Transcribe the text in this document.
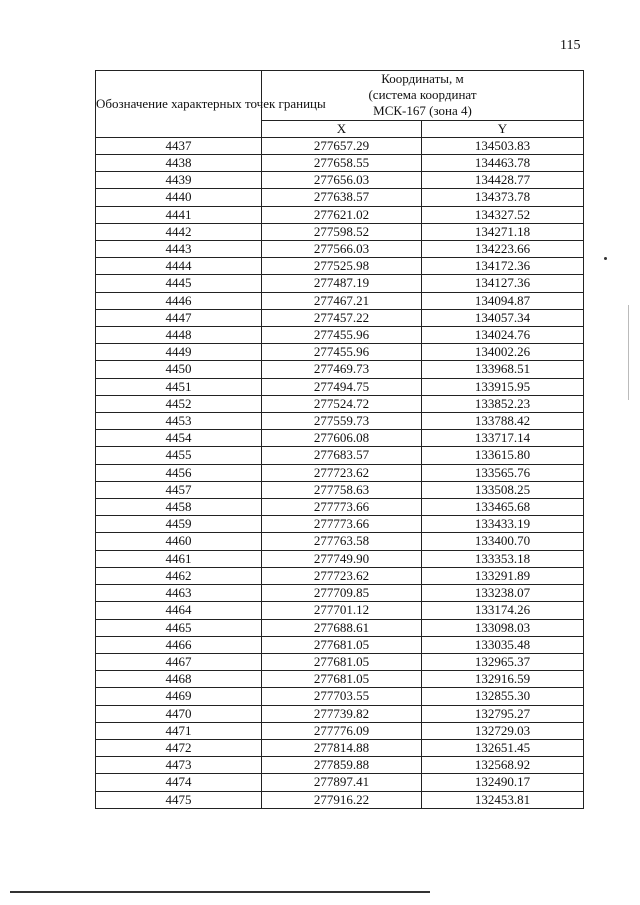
115
Обозначение характерных точек границы	Координаты, м
(система координат
МСК-167 (зона 4)	

	X	Y
4437	277657.29	134503.83
4438	277658.55	134463.78
4439	277656.03	134428.77
4440	277638.57	134373.78
4441	277621.02	134327.52
4442	277598.52	134271.18
4443	277566.03	134223.66
4444	277525.98	134172.36
4445	277487.19	134127.36
4446	277467.21	134094.87
4447	277457.22	134057.34
4448	277455.96	134024.76
4449	277455.96	134002.26
4450	277469.73	133968.51
4451	277494.75	133915.95
4452	277524.72	133852.23
4453	277559.73	133788.42
4454	277606.08	133717.14
4455	277683.57	133615.80
4456	277723.62	133565.76
4457	277758.63	133508.25
4458	277773.66	133465.68
4459	277773.66	133433.19
4460	277763.58	133400.70
4461	277749.90	133353.18
4462	277723.62	133291.89
4463	277709.85	133238.07
4464	277701.12	133174.26
4465	277688.61	133098.03
4466	277681.05	133035.48
4467	277681.05	132965.37
4468	277681.05	132916.59
4469	277703.55	132855.30
4470	277739.82	132795.27
4471	277776.09	132729.03
4472	277814.88	132651.45
4473	277859.88	132568.92
4474	277897.41	132490.17
4475	277916.22	132453.81
